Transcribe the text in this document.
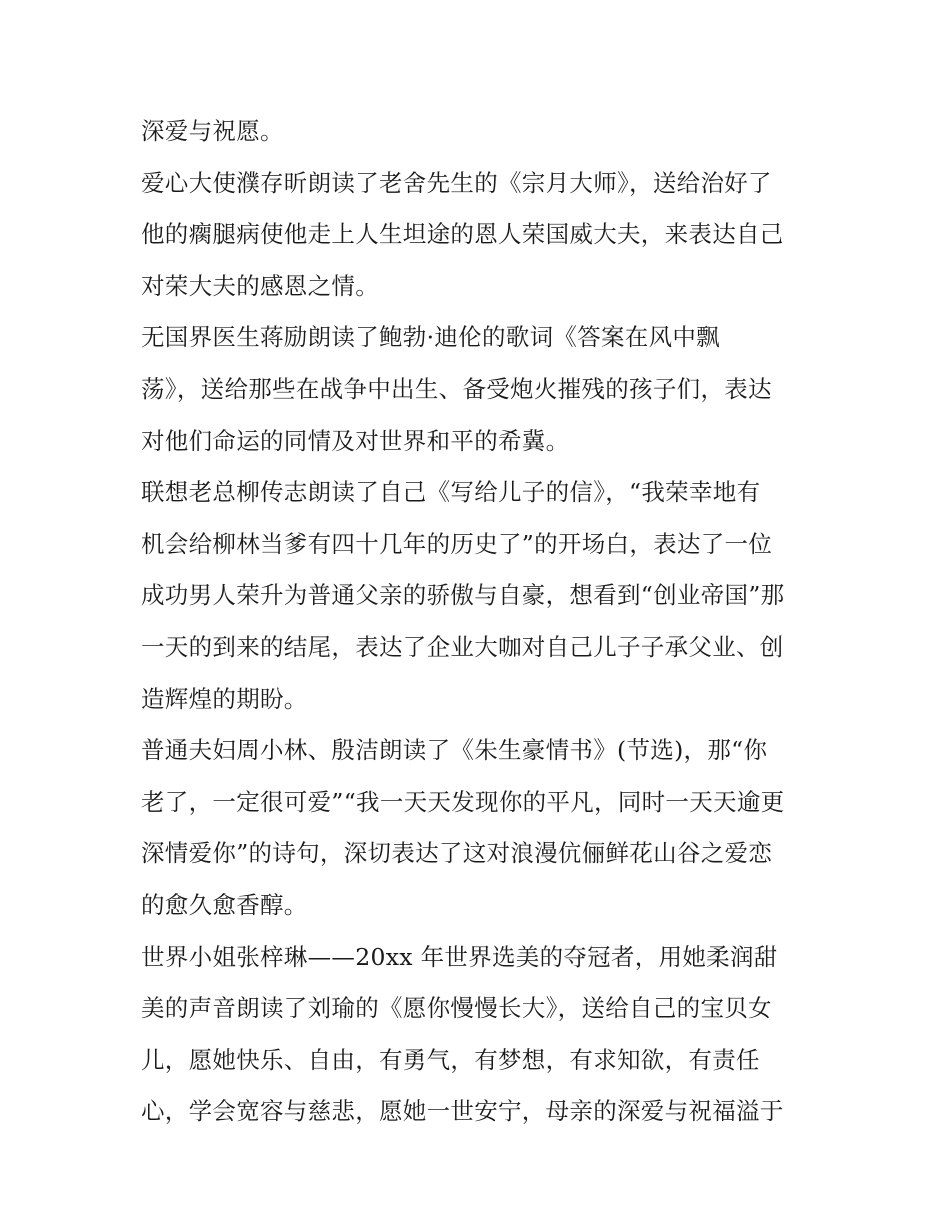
深爱与祝愿。
爱心大使濮存昕朗读了老舍先生的《宗月大师》，送给治好了
他的瘸腿病使他走上人生坦途的恩人荣国威大夫，来表达自己
对荣大夫的感恩之情。
无国界医生蒋励朗读了鲍勃·迪伦的歌词《答案在风中飘
荡》，送给那些在战争中出生、备受炮火摧残的孩子们，表达
对他们命运的同情及对世界和平的希冀。
联想老总柳传志朗读了自己《写给儿子的信》，“我荣幸地有
机会给柳林当爹有四十几年的历史了”的开场白，表达了一位
成功男人荣升为普通父亲的骄傲与自豪，想看到“创业帝国”那
一天的到来的结尾，表达了企业大咖对自己儿子子承父业、创
造辉煌的期盼。
普通夫妇周小林、殷洁朗读了《朱生豪情书》(节选)，那“你
老了，一定很可爱”“我一天天发现你的平凡，同时一天天逾更
深情爱你”的诗句，深切表达了这对浪漫伉俪鲜花山谷之爱恋
的愈久愈香醇。
世界小姐张梓琳——20xx 年世界选美的夺冠者，用她柔润甜
美的声音朗读了刘瑜的《愿你慢慢长大》，送给自己的宝贝女
儿，愿她快乐、自由，有勇气，有梦想，有求知欲，有责任
心，学会宽容与慈悲，愿她一世安宁，母亲的深爱与祝福溢于
